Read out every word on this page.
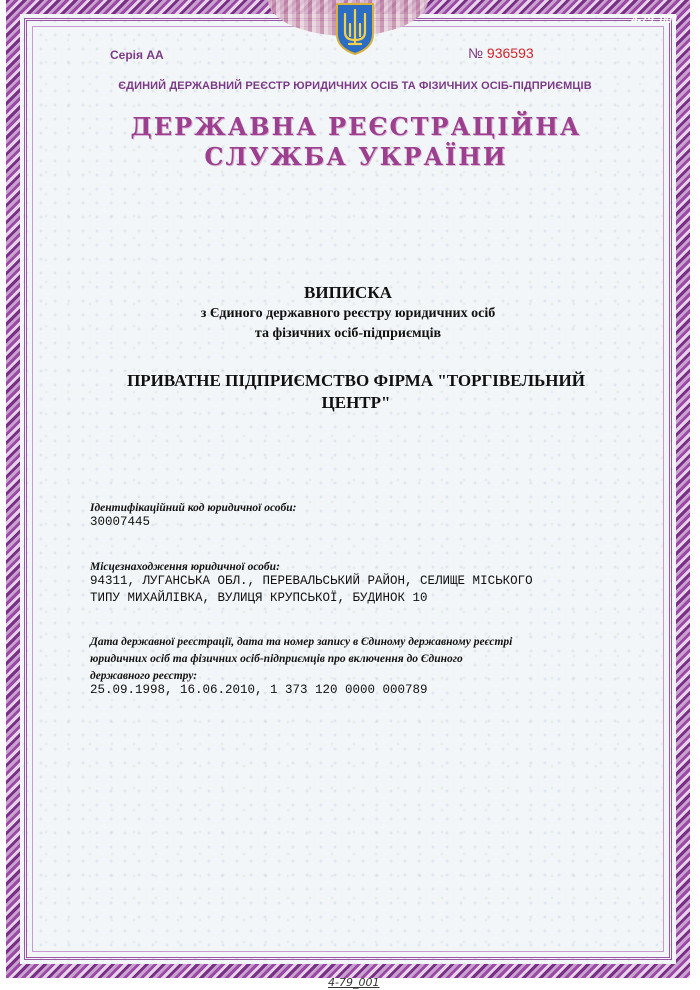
4-79_001
Серія АА	№ 936593
ЄДИНИЙ ДЕРЖАВНИЙ РЕЄСТР ЮРИДИЧНИХ ОСІБ ТА ФІЗИЧНИХ ОСІБ-ПІДПРИЄМЦІВ
ДЕРЖАВНА РЕЄСТРАЦІЙНА
СЛУЖБА УКРАЇНИ
ВИПИСКА
з Єдиного державного реєстру юридичних осіб
та фізичних осіб-підприємців
ПРИВАТНЕ ПІДПРИЄМСТВО ФІРМА "ТОРГІВЕЛЬНИЙ
ЦЕНТР"
Ідентифікаційний код юридичної особи:
30007445
Місцезнаходження юридичної особи:
94311, ЛУГАНСЬКА ОБЛ., ПЕРЕВАЛЬСЬКИЙ РАЙОН, СЕЛИЩЕ МІСЬКОГО
ТИПУ МИХАЙЛІВКА, ВУЛИЦЯ КРУПСЬКОЇ, БУДИНОК 10
Дата державної реєстрації, дата та номер запису в Єдиному державному реєстрі
юридичних осіб та фізичних осіб-підприємців про включення до Єдиного
державного реєстру:
25.09.1998, 16.06.2010, 1 373 120 0000 000789
4-79_001
